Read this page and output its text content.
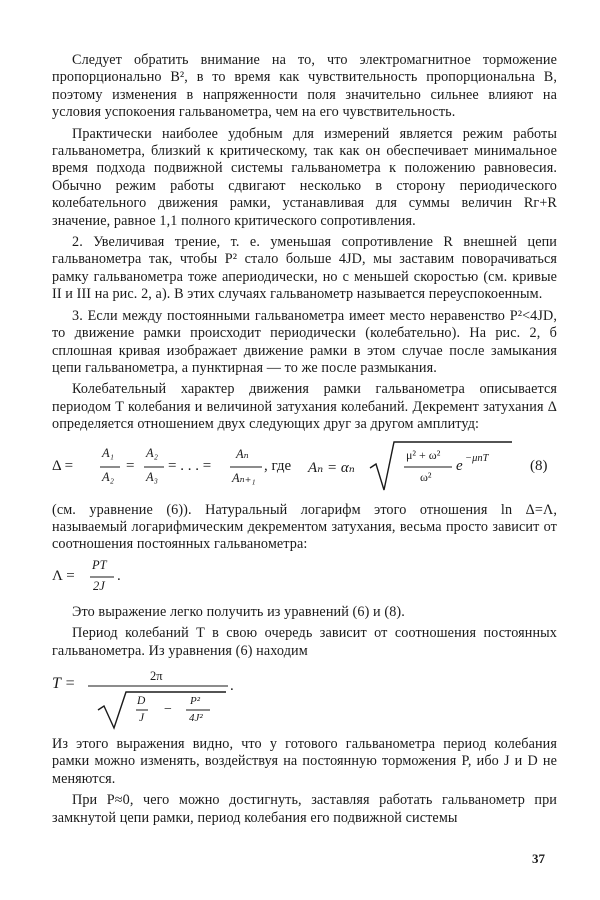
Следует обратить внимание на то, что электромагнитное торможение пропорционально B², в то время как чувствительность пропорциональна B, поэтому изменения в напряженности поля значительно сильнее влияют на условия успокоения гальванометра, чем на его чувствительность.

Практически наиболее удобным для измерений является режим работы гальванометра, близкий к критическому, так как он обеспечивает минимальное время подхода подвижной системы гальванометра к положению равновесия. Обычно режим работы сдвигают несколько в сторону периодического колебательного движения рамки, устанавливая для суммы величин Rг+R значение, равное 1,1 полного критического сопротивления.

2. Увеличивая трение, т. е. уменьшая сопротивление R внешней цепи гальванометра так, чтобы P² стало больше 4JD, мы заставим поворачиваться рамку гальванометра тоже апериодически, но с меньшей скоростью (см. кривые II и III на рис. 2, а). В этих случаях гальванометр называется переуспокоенным.

3. Если между постоянными гальванометра имеет место неравенство P²<4JD, то движение рамки происходит периодически (колебательно). На рис. 2, б сплошная кривая изображает движение рамки в этом случае после замыкания цепи гальванометра, а пунктирная — то же после размыкания.

Колебательный характер движения рамки гальванометра описывается периодом T колебания и величиной затухания колебаний. Декремент затухания Δ определяется отношением двух следующих друг за другом амплитуд:

Δ =
A₁
A₂
=
A₂
A₃
= . . . =
Aₙ
Aₙ₊₁
, где Aₙ = αₙ
μ² + ω²
ω²
e −μnT	(8)

(см. уравнение (6)). Натуральный логарифм этого отношения ln Δ=Λ, называемый логарифмическим декрементом затухания, весьма просто зависит от соотношения постоянных гальванометра:

Λ =
PT
2J
.

Это выражение легко получить из уравнений (6) и (8).

Период колебаний T в свою очередь зависит от соотношения постоянных гальванометра. Из уравнения (6) находим

T =	2π
D
J
−
P²
4J²
.

Из этого выражения видно, что у готового гальванометра период колебания рамки можно изменять, воздействуя на постоянную торможения P, ибо J и D не меняются.

При P≈0, чего можно достигнуть, заставляя работать гальванометр при замкнутой цепи рамки, период колебания его подвижной системы

37
